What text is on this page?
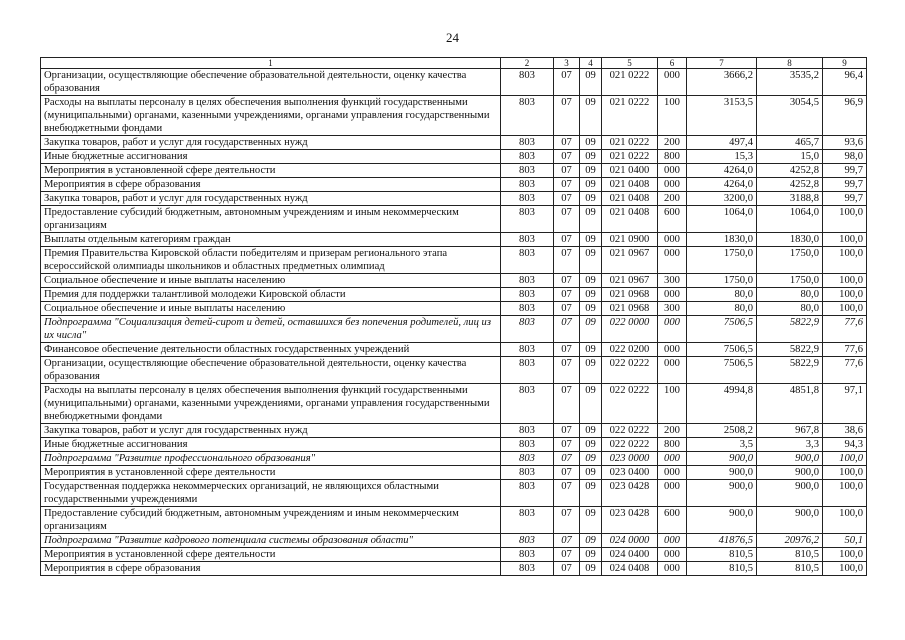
24
1	2	3	4	5	6	7	8	9
Организации, осуществляющие обеспечение образовательной деятельности, оценку качества образования	803	07	09	021 0222	000	3666,2	3535,2	96,4
Расходы на выплаты персоналу в целях обеспечения выполнения функций государственными (муниципальными) органами, казенными учреждениями, органами управления государственными внебюджетными фондами	803	07	09	021 0222	100	3153,5	3054,5	96,9
Закупка товаров, работ и услуг для государственных нужд	803	07	09	021 0222	200	497,4	465,7	93,6
Иные бюджетные ассигнования	803	07	09	021 0222	800	15,3	15,0	98,0
Мероприятия в установленной сфере деятельности	803	07	09	021 0400	000	4264,0	4252,8	99,7
Мероприятия в сфере образования	803	07	09	021 0408	000	4264,0	4252,8	99,7
Закупка товаров, работ и услуг для государственных нужд	803	07	09	021 0408	200	3200,0	3188,8	99,7
Предоставление субсидий бюджетным, автономным учреждениям и иным некоммерческим организациям	803	07	09	021 0408	600	1064,0	1064,0	100,0
Выплаты отдельным категориям граждан	803	07	09	021 0900	000	1830,0	1830,0	100,0
Премия Правительства Кировской области победителям и призерам регионального этапа всероссийской олимпиады школьников и областных предметных олимпиад	803	07	09	021 0967	000	1750,0	1750,0	100,0
Социальное обеспечение и иные выплаты населению	803	07	09	021 0967	300	1750,0	1750,0	100,0
Премия для поддержки талантливой молодежи Кировской области	803	07	09	021 0968	000	80,0	80,0	100,0
Социальное обеспечение и иные выплаты населению	803	07	09	021 0968	300	80,0	80,0	100,0
Подпрограмма "Социализация детей-сирот и детей, оставшихся без попечения родителей, лиц из их числа"	803	07	09	022 0000	000	7506,5	5822,9	77,6
Финансовое обеспечение деятельности областных государственных учреждений	803	07	09	022 0200	000	7506,5	5822,9	77,6
Организации, осуществляющие обеспечение образовательной деятельности, оценку качества образования	803	07	09	022 0222	000	7506,5	5822,9	77,6
Расходы на выплаты персоналу в целях обеспечения выполнения функций государственными (муниципальными) органами, казенными учреждениями, органами управления государственными внебюджетными фондами	803	07	09	022 0222	100	4994,8	4851,8	97,1
Закупка товаров, работ и услуг для государственных нужд	803	07	09	022 0222	200	2508,2	967,8	38,6
Иные бюджетные ассигнования	803	07	09	022 0222	800	3,5	3,3	94,3
Подпрограмма "Развитие профессионального образования"	803	07	09	023 0000	000	900,0	900,0	100,0
Мероприятия в установленной сфере деятельности	803	07	09	023 0400	000	900,0	900,0	100,0
Государственная поддержка некоммерческих организаций, не являющихся областными государственными учреждениями	803	07	09	023 0428	000	900,0	900,0	100,0
Предоставление субсидий бюджетным, автономным учреждениям и иным некоммерческим организациям	803	07	09	023 0428	600	900,0	900,0	100,0
Подпрограмма "Развитие кадрового потенциала системы образования области"	803	07	09	024 0000	000	41876,5	20976,2	50,1
Мероприятия в установленной сфере деятельности	803	07	09	024 0400	000	810,5	810,5	100,0
Мероприятия в сфере образования	803	07	09	024 0408	000	810,5	810,5	100,0
